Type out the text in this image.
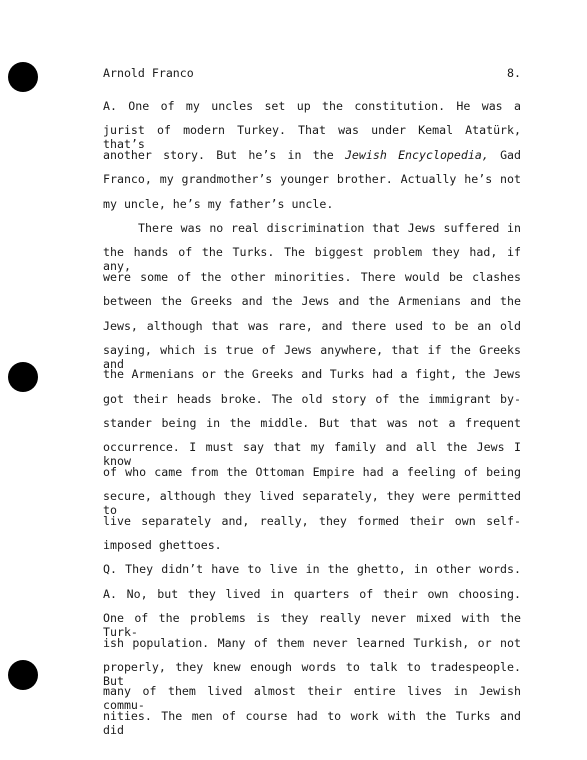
Arnold Franco	8.
A. One of my uncles set up the constitution. He was a
jurist of modern Turkey. That was under Kemal Atatürk, that’s
another story. But he’s in the Jewish Encyclopedia, Gad
Franco, my grandmother’s younger brother. Actually he’s not
my uncle, he’s my father’s uncle.
There was no real discrimination that Jews suffered in
the hands of the Turks. The biggest problem they had, if any,
were some of the other minorities. There would be clashes
between the Greeks and the Jews and the Armenians and the
Jews, although that was rare, and there used to be an old
saying, which is true of Jews anywhere, that if the Greeks and
the Armenians or the Greeks and Turks had a fight, the Jews
got their heads broke. The old story of the immigrant by-
stander being in the middle. But that was not a frequent
occurrence. I must say that my family and all the Jews I know
of who came from the Ottoman Empire had a feeling of being
secure, although they lived separately, they were permitted to
live separately and, really, they formed their own self-
imposed ghettoes.
Q. They didn’t have to live in the ghetto, in other words.
A. No, but they lived in quarters of their own choosing.
One of the problems is they really never mixed with the Turk-
ish population. Many of them never learned Turkish, or not
properly, they knew enough words to talk to tradespeople. But
many of them lived almost their entire lives in Jewish commu-
nities. The men of course had to work with the Turks and did
